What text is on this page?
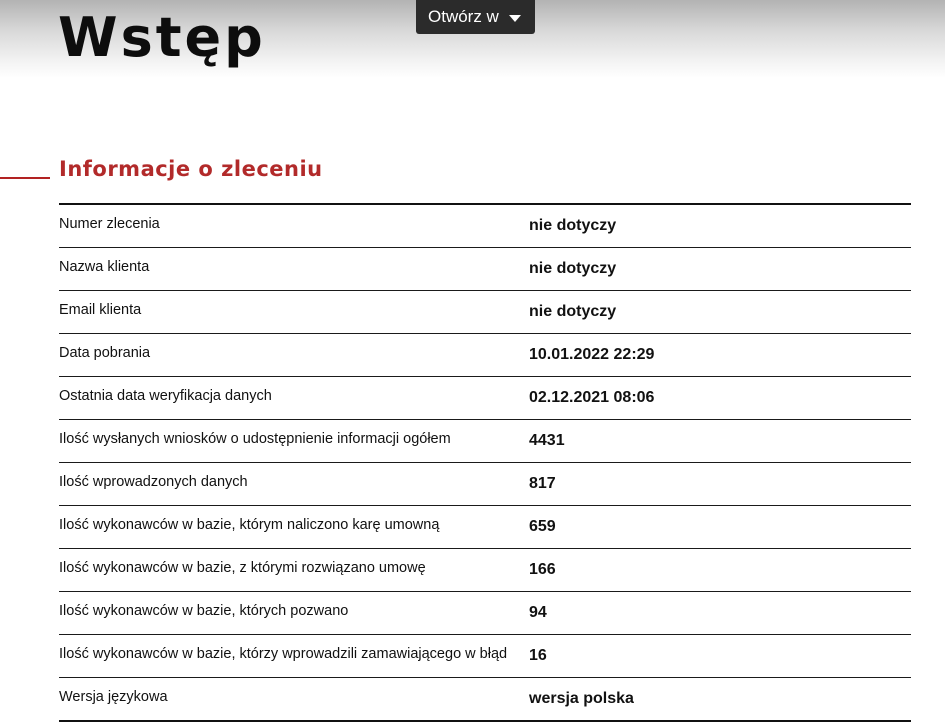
Wstęp	Otwórz w
Informacje o zleceniu

Numer zlecenia	nie dotyczy
Nazwa klienta	nie dotyczy
Email klienta	nie dotyczy
Data pobrania	10.01.2022 22:29
Ostatnia data weryfikacja danych	02.12.2021 08:06
Ilość wysłanych wniosków o udostępnienie informacji ogółem	4431
Ilość wprowadzonych danych	817
Ilość wykonawców w bazie, którym naliczono karę umowną	659
Ilość wykonawców w bazie, z którymi rozwiązano umowę	166
Ilość wykonawców w bazie, których pozwano	94
Ilość wykonawców w bazie, którzy wprowadzili zamawiającego w błąd	16
Wersja językowa	wersja polska
